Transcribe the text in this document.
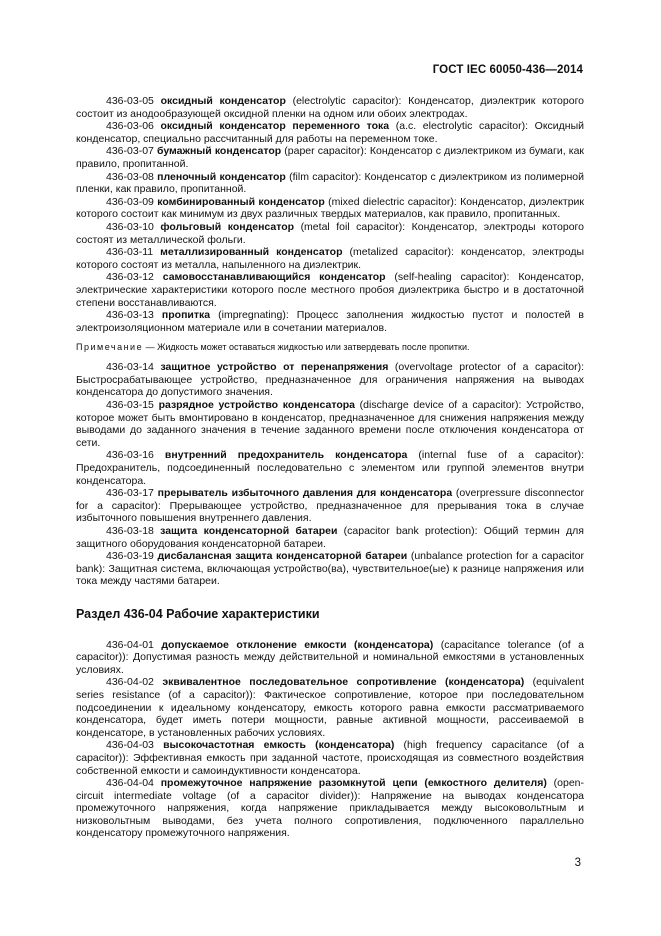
ГОСТ IEC 60050-436—2014

436-03-05 оксидный конденсатор (electrolytic capacitor): Конденсатор, диэлектрик которого состоит из анодообразующей оксидной пленки на одном или обоих электродах.

436-03-06 оксидный конденсатор переменного тока (a.c. electrolytic capacitor): Оксидный конденсатор, специально рассчитанный для работы на переменном токе.

436-03-07 бумажный конденсатор (paper capacitor): Конденсатор с диэлектриком из бумаги, как правило, пропитанной.

436-03-08 пленочный конденсатор (film capacitor): Конденсатор с диэлектриком из полимерной пленки, как правило, пропитанной.

436-03-09 комбинированный конденсатор (mixed dielectric capacitor): Конденсатор, диэлектрик которого состоит как минимум из двух различных твердых материалов, как правило, пропитанных.

436-03-10 фольговый конденсатор (metal foil capacitor): Конденсатор, электроды которого состоят из металлической фольги.

436-03-11 металлизированный конденсатор (metalized capacitor): конденсатор, электроды которого состоят из металла, напыленного на диэлектрик.

436-03-12 самовосстанавливающийся конденсатор (self-healing capacitor): Конденсатор, электрические характеристики которого после местного пробоя диэлектрика быстро и в достаточной степени восстанавливаются.

436-03-13 пропитка (impregnating): Процесс заполнения жидкостью пустот и полостей в электроизоляционном материале или в сочетании материалов.

Примечание — Жидкость может оставаться жидкостью или затвердевать после пропитки.

436-03-14 защитное устройство от перенапряжения (overvoltage protector of a capacitor): Быстросрабатывающее устройство, предназначенное для ограничения напряжения на выводах конденсатора до допустимого значения.

436-03-15 разрядное устройство конденсатора (discharge device of a capacitor): Устройство, которое может быть вмонтировано в конденсатор, предназначенное для снижения напряжения между выводами до заданного значения в течение заданного времени после отключения конденсатора от сети.

436-03-16 внутренний предохранитель конденсатора (internal fuse of a capacitor): Предохранитель, подсоединенный последовательно с элементом или группой элементов внутри конденсатора.

436-03-17 прерыватель избыточного давления для конденсатора (overpressure disconnector for a capacitor): Прерывающее устройство, предназначенное для прерывания тока в случае избыточного повышения внутреннего давления.

436-03-18 защита конденсаторной батареи (capacitor bank protection): Общий термин для защитного оборудования конденсаторной батареи.

436-03-19 дисбалансная защита конденсаторной батареи (unbalance protection for a capacitor bank): Защитная система, включающая устройство(ва), чувствительное(ые) к разнице напряжения или тока между частями батареи.

Раздел 436-04 Рабочие характеристики

436-04-01 допускаемое отклонение емкости (конденсатора) (capacitance tolerance (of a capacitor)): Допустимая разность между действительной и номинальной емкостями в установленных условиях.

436-04-02 эквивалентное последовательное сопротивление (конденсатора) (equivalent series resistance (of a capacitor)): Фактическое сопротивление, которое при последовательном подсоединении к идеальному конденсатору, емкость которого равна емкости рассматриваемого конденсатора, будет иметь потери мощности, равные активной мощности, рассеиваемой в конденсаторе, в установленных рабочих условиях.

436-04-03 высокочастотная емкость (конденсатора) (high frequency capacitance (of a capacitor)): Эффективная емкость при заданной частоте, происходящая из совместного воздействия собственной емкости и самоиндуктивности конденсатора.

436-04-04 промежуточное напряжение разомкнутой цепи (емкостного делителя) (open-circuit intermediate voltage (of a capacitor divider)): Напряжение на выводах конденсатора промежуточного напряжения, когда напряжение прикладывается между высоковольтным и низковольтным выводами, без учета полного сопротивления, подключенного параллельно конденсатору промежуточного напряжения.

3
